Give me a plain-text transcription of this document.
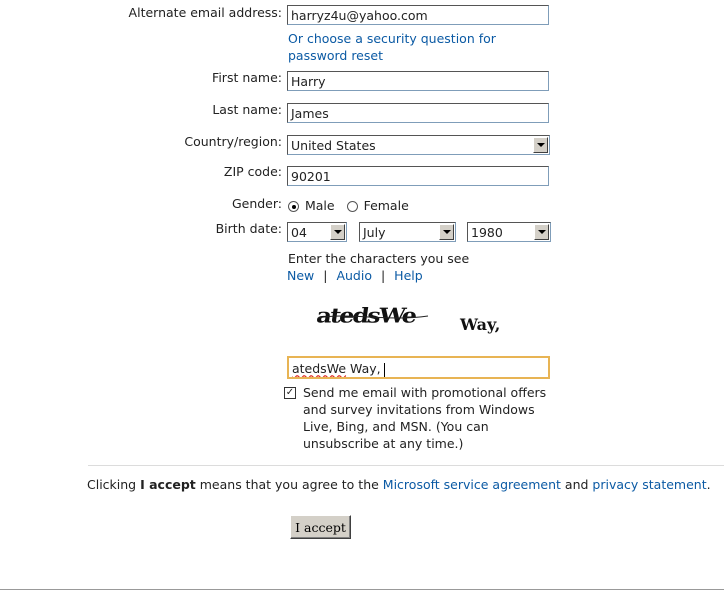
Alternate email address: harryz4u@yahoo.com
Or choose a security question for password reset
First name: Harry
Last name: James
Country/region: United States
ZIP code: 90201
Gender:	Male Female
Birth date: 04	July	1980
Enter the characters you see
New | Audio | Help
atedsWe	Way,
atedsWe Way,
✓ Send me email with promotional offers and survey invitations from Windows Live, Bing, and MSN. (You can unsubscribe at any time.)
Clicking I accept means that you agree to the Microsoft service agreement and privacy statement.
I accept
